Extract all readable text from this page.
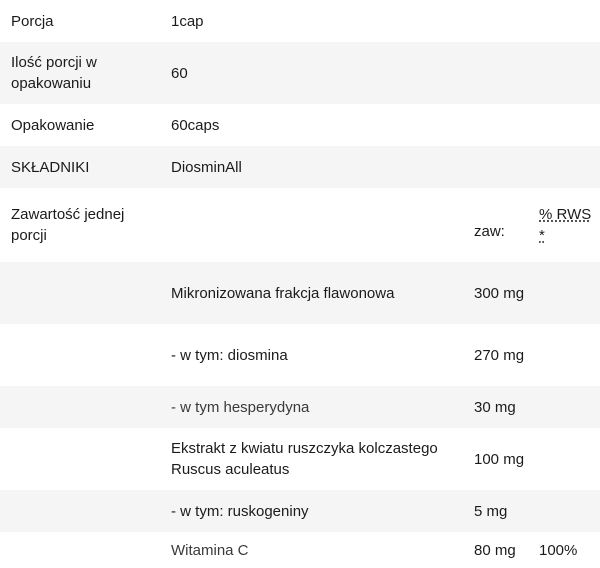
Porcja	1cap		
Ilość porcji w opakowaniu	60		
Opakowanie	60caps		
SKŁADNIKI	DiosminAll		
Zawartość jednej porcji		zaw:	% RWS *
	Mikronizowana frakcja flawonowa	300 mg	
	- w tym: diosmina	270 mg	
	- w tym hesperydyna	30 mg	
	Ekstrakt z kwiatu ruszczyka kolczastego Ruscus aculeatus	100 mg	
	- w tym: ruskogeniny	5 mg	
	Witamina C	80 mg	100%
